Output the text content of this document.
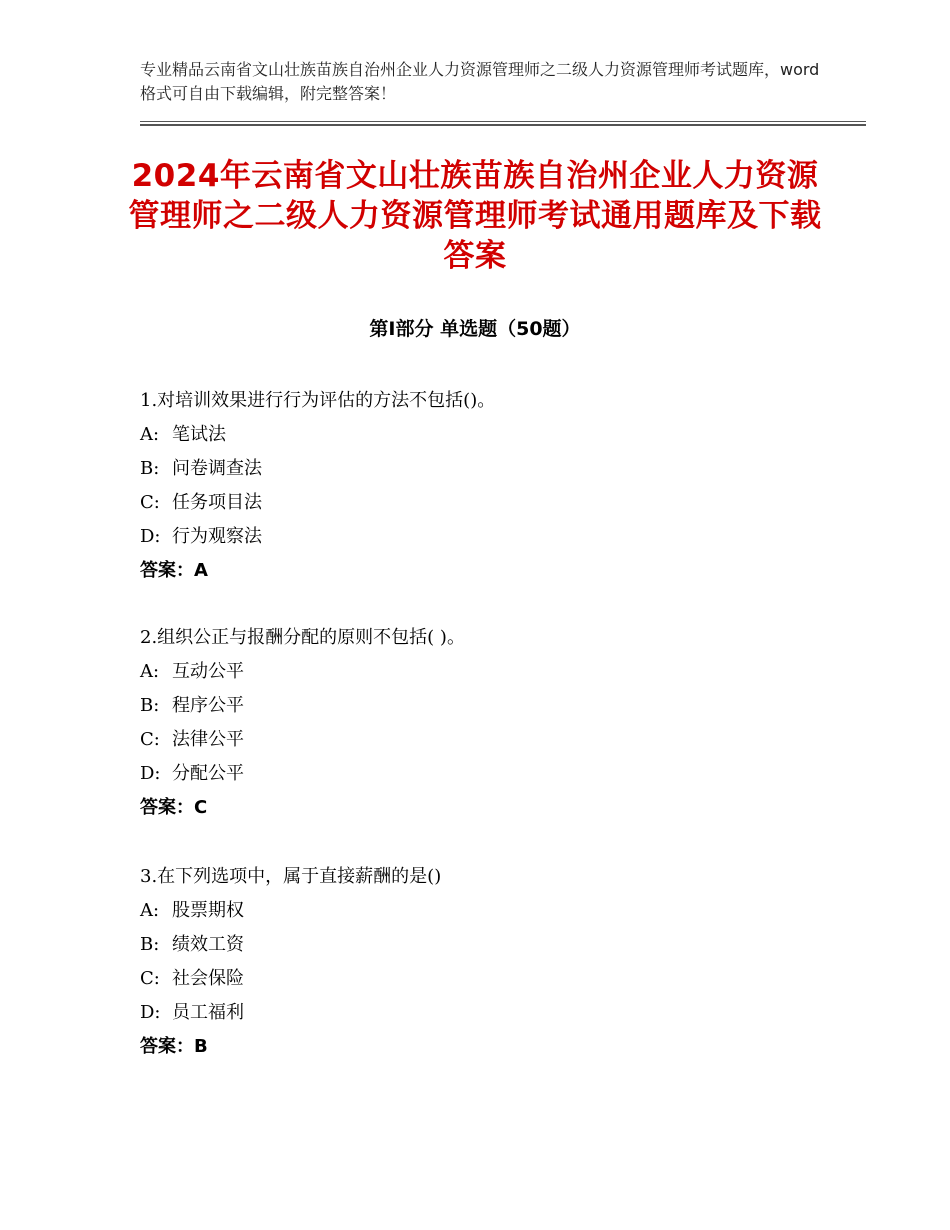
专业精品云南省文山壮族苗族自治州企业人力资源管理师之二级人力资源管理师考试题库，word格式可自由下载编辑，附完整答案！
2024年云南省文山壮族苗族自治州企业人力资源管理师之二级人力资源管理师考试通用题库及下载答案
第Ⅰ部分 单选题（50题）
1.对培训效果进行行为评估的方法不包括()。
A: 笔试法
B: 问卷调查法
C: 任务项目法
D: 行为观察法
答案：A
2.组织公正与报酬分配的原则不包括( )。
A: 互动公平
B: 程序公平
C: 法律公平
D: 分配公平
答案：C
3.在下列选项中，属于直接薪酬的是()
A: 股票期权
B: 绩效工资
C: 社会保险
D: 员工福利
答案：B
